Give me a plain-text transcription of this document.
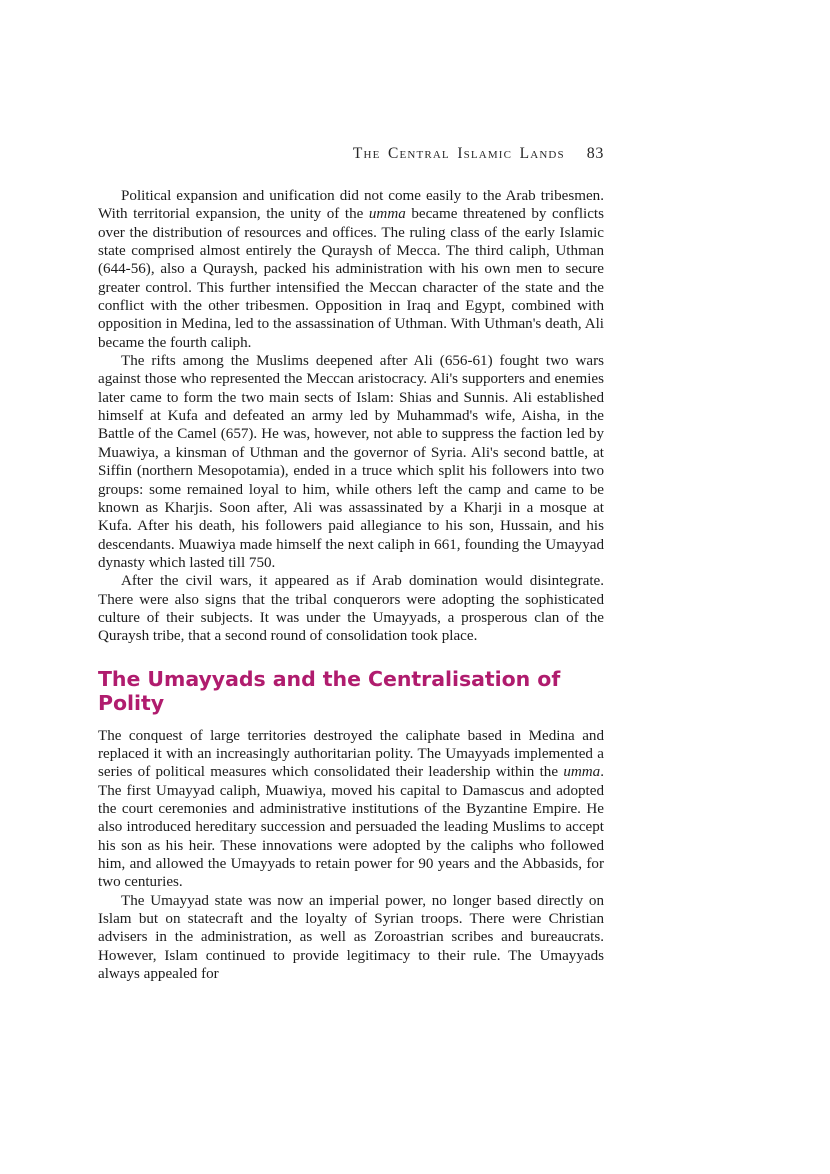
The Central Islamic Lands 83

Political expansion and unification did not come easily to the Arab tribesmen. With territorial expansion, the unity of the umma became threatened by conflicts over the distribution of resources and offices. The ruling class of the early Islamic state comprised almost entirely the Quraysh of Mecca. The third caliph, Uthman (644-56), also a Quraysh, packed his administration with his own men to secure greater control. This further intensified the Meccan character of the state and the conflict with the other tribesmen. Opposition in Iraq and Egypt, combined with opposition in Medina, led to the assassination of Uthman. With Uthman's death, Ali became the fourth caliph.

The rifts among the Muslims deepened after Ali (656-61) fought two wars against those who represented the Meccan aristocracy. Ali's supporters and enemies later came to form the two main sects of Islam: Shias and Sunnis. Ali established himself at Kufa and defeated an army led by Muhammad's wife, Aisha, in the Battle of the Camel (657). He was, however, not able to suppress the faction led by Muawiya, a kinsman of Uthman and the governor of Syria. Ali's second battle, at Siffin (northern Mesopotamia), ended in a truce which split his followers into two groups: some remained loyal to him, while others left the camp and came to be known as Kharjis. Soon after, Ali was assassinated by a Kharji in a mosque at Kufa. After his death, his followers paid allegiance to his son, Hussain, and his descendants. Muawiya made himself the next caliph in 661, founding the Umayyad dynasty which lasted till 750.

After the civil wars, it appeared as if Arab domination would disintegrate. There were also signs that the tribal conquerors were adopting the sophisticated culture of their subjects. It was under the Umayyads, a prosperous clan of the Quraysh tribe, that a second round of consolidation took place.

The Umayyads and the Centralisation of Polity

The conquest of large territories destroyed the caliphate based in Medina and replaced it with an increasingly authoritarian polity. The Umayyads implemented a series of political measures which consolidated their leadership within the umma. The first Umayyad caliph, Muawiya, moved his capital to Damascus and adopted the court ceremonies and administrative institutions of the Byzantine Empire. He also introduced hereditary succession and persuaded the leading Muslims to accept his son as his heir. These innovations were adopted by the caliphs who followed him, and allowed the Umayyads to retain power for 90 years and the Abbasids, for two centuries.

The Umayyad state was now an imperial power, no longer based directly on Islam but on statecraft and the loyalty of Syrian troops. There were Christian advisers in the administration, as well as Zoroastrian scribes and bureaucrats. However, Islam continued to provide legitimacy to their rule. The Umayyads always appealed for
